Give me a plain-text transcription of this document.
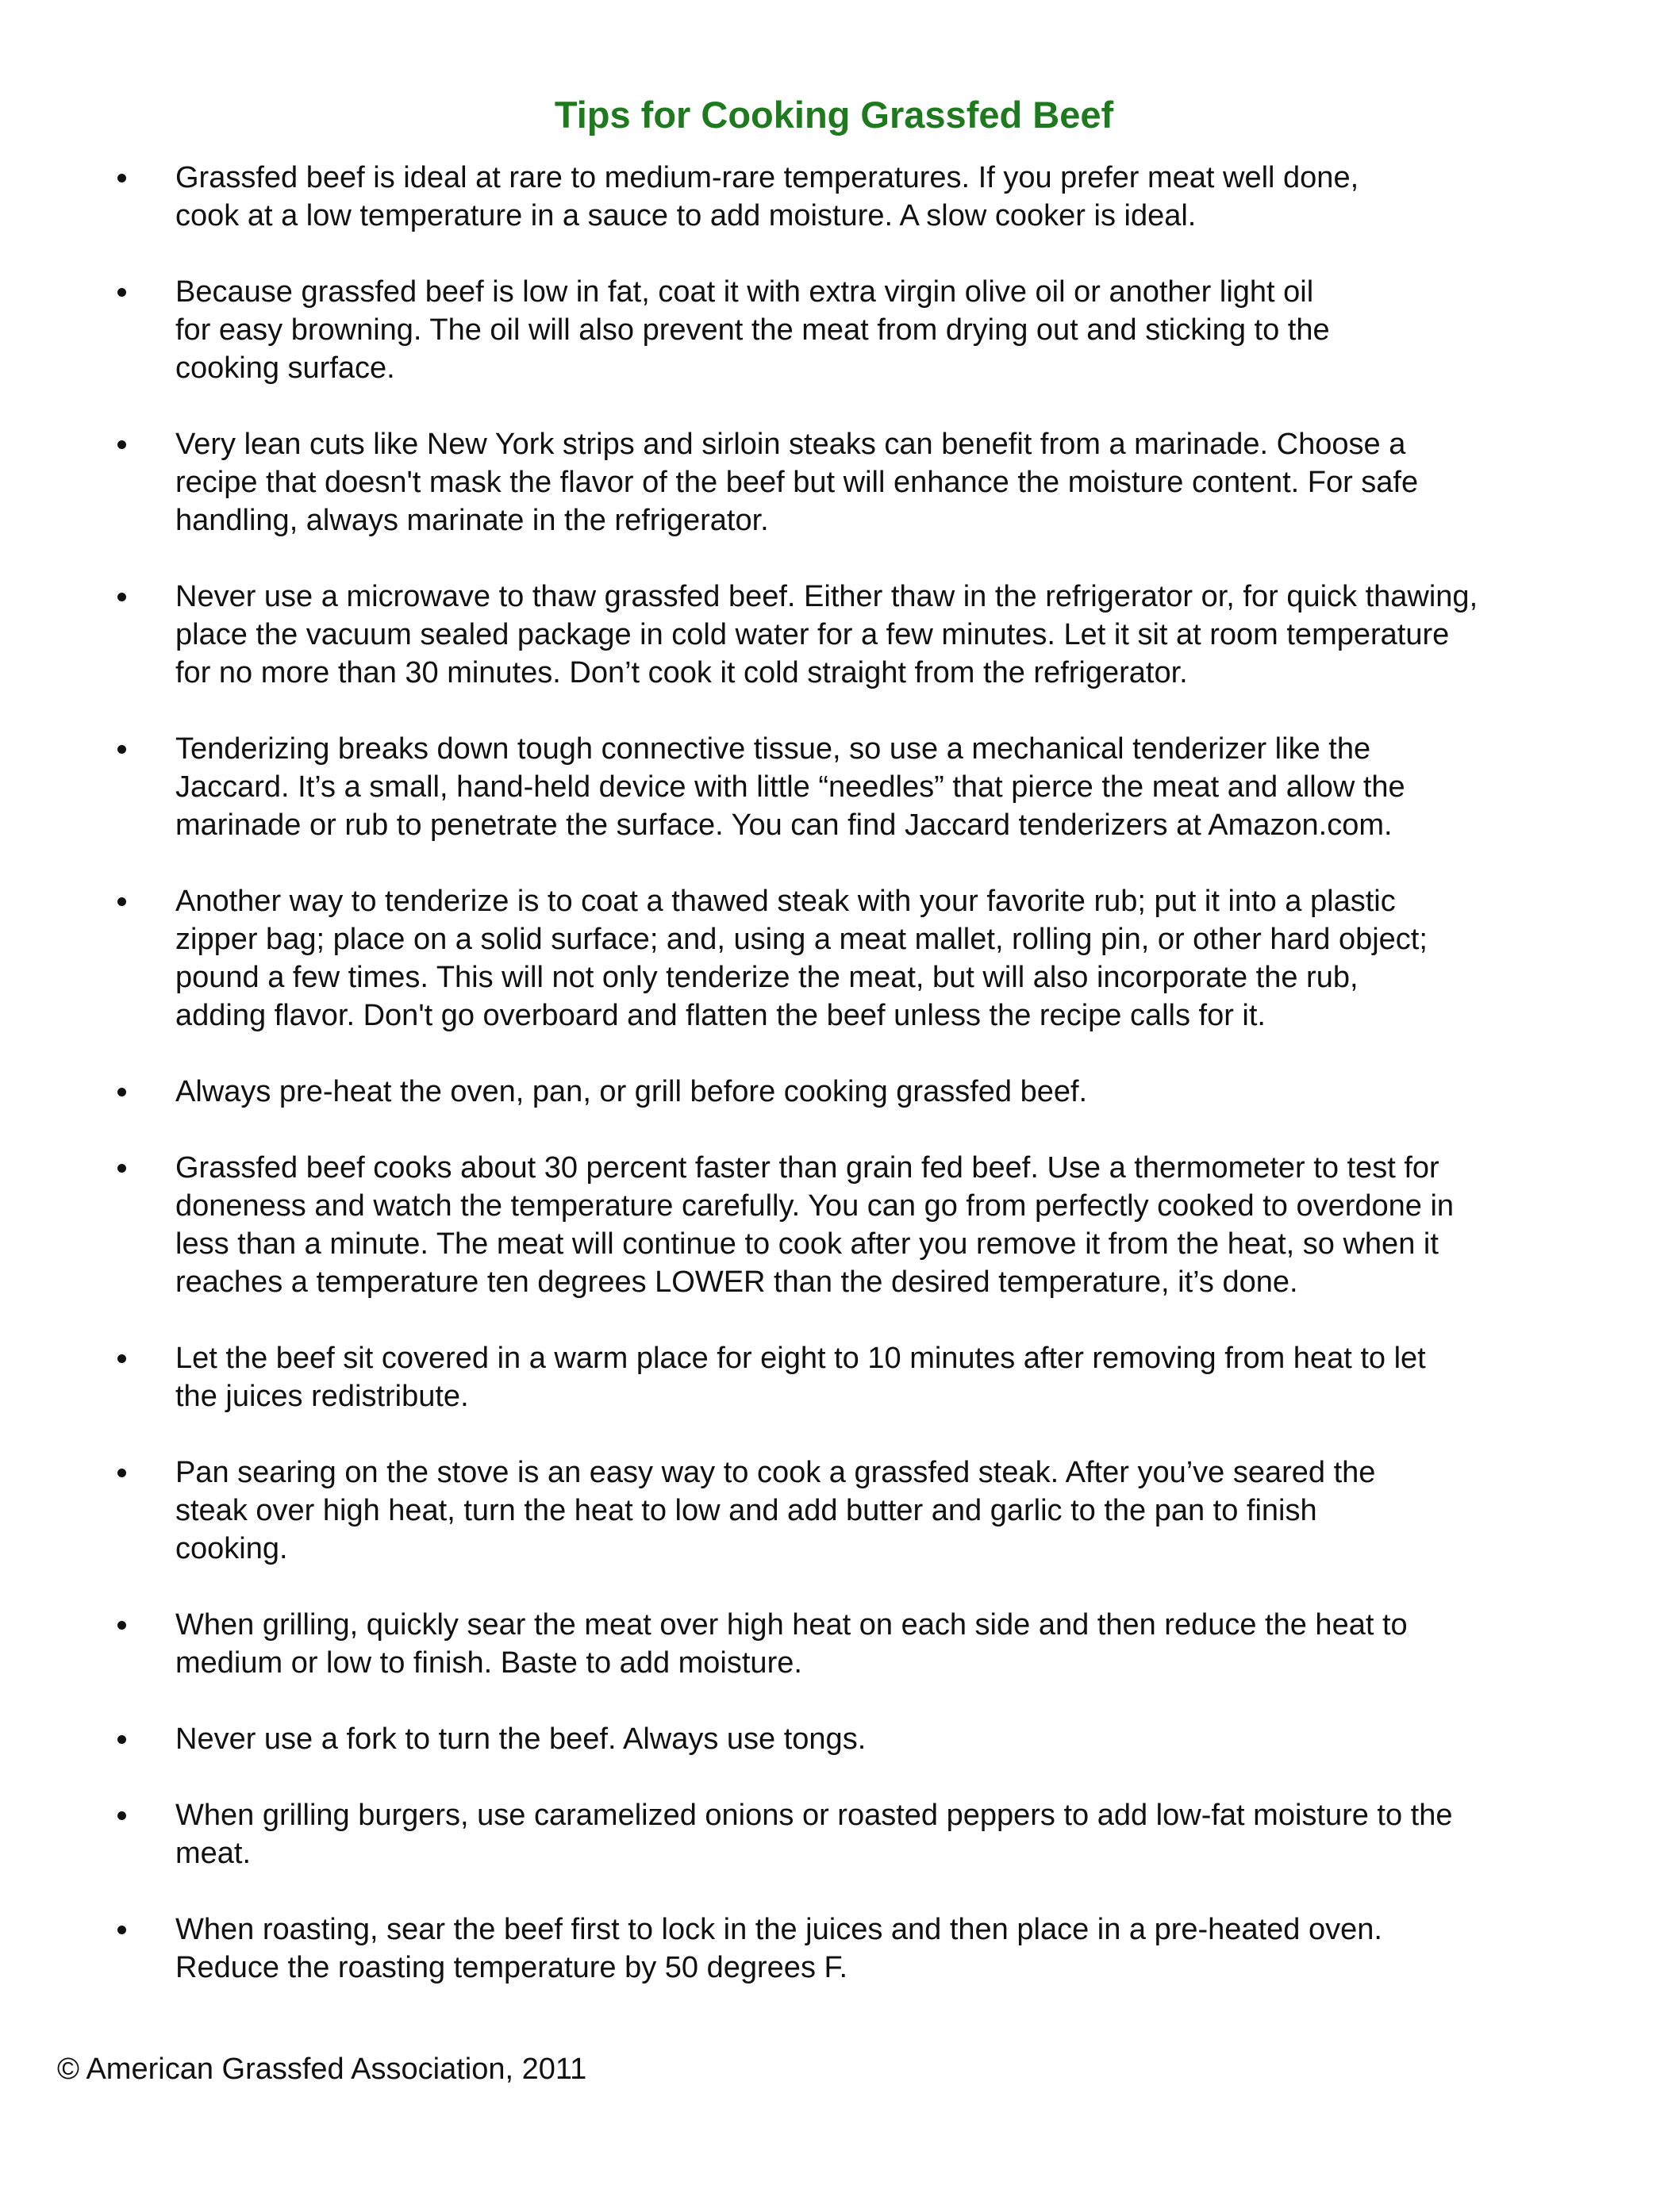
Tips for Cooking Grassfed Beef
Grassfed beef is ideal at rare to medium-rare temperatures. If you prefer meat well done,
cook at a low temperature in a sauce to add moisture. A slow cooker is ideal.
Because grassfed beef is low in fat, coat it with extra virgin olive oil or another light oil
for easy browning. The oil will also prevent the meat from drying out and sticking to the
cooking surface.
Very lean cuts like New York strips and sirloin steaks can benefit from a marinade. Choose a
recipe that doesn't mask the flavor of the beef but will enhance the moisture content. For safe
handling, always marinate in the refrigerator.
Never use a microwave to thaw grassfed beef. Either thaw in the refrigerator or, for quick thawing,
place the vacuum sealed package in cold water for a few minutes. Let it sit at room temperature
for no more than 30 minutes. Don’t cook it cold straight from the refrigerator.
Tenderizing breaks down tough connective tissue, so use a mechanical tenderizer like the
Jaccard. It’s a small, hand-held device with little “needles” that pierce the meat and allow the
marinade or rub to penetrate the surface. You can find Jaccard tenderizers at Amazon.com.
Another way to tenderize is to coat a thawed steak with your favorite rub; put it into a plastic
zipper bag; place on a solid surface; and, using a meat mallet, rolling pin, or other hard object;
pound a few times. This will not only tenderize the meat, but will also incorporate the rub,
adding flavor. Don't go overboard and flatten the beef unless the recipe calls for it.
Always pre-heat the oven, pan, or grill before cooking grassfed beef.
Grassfed beef cooks about 30 percent faster than grain fed beef. Use a thermometer to test for
doneness and watch the temperature carefully. You can go from perfectly cooked to overdone in
less than a minute. The meat will continue to cook after you remove it from the heat, so when it
reaches a temperature ten degrees LOWER than the desired temperature, it’s done.
Let the beef sit covered in a warm place for eight to 10 minutes after removing from heat to let
the juices redistribute.
Pan searing on the stove is an easy way to cook a grassfed steak. After you’ve seared the
steak over high heat, turn the heat to low and add butter and garlic to the pan to finish
cooking.
When grilling, quickly sear the meat over high heat on each side and then reduce the heat to
medium or low to finish. Baste to add moisture.
Never use a fork to turn the beef. Always use tongs.
When grilling burgers, use caramelized onions or roasted peppers to add low-fat moisture to the
meat.
When roasting, sear the beef first to lock in the juices and then place in a pre-heated oven.
Reduce the roasting temperature by 50 degrees F.
© American Grassfed Association, 2011
